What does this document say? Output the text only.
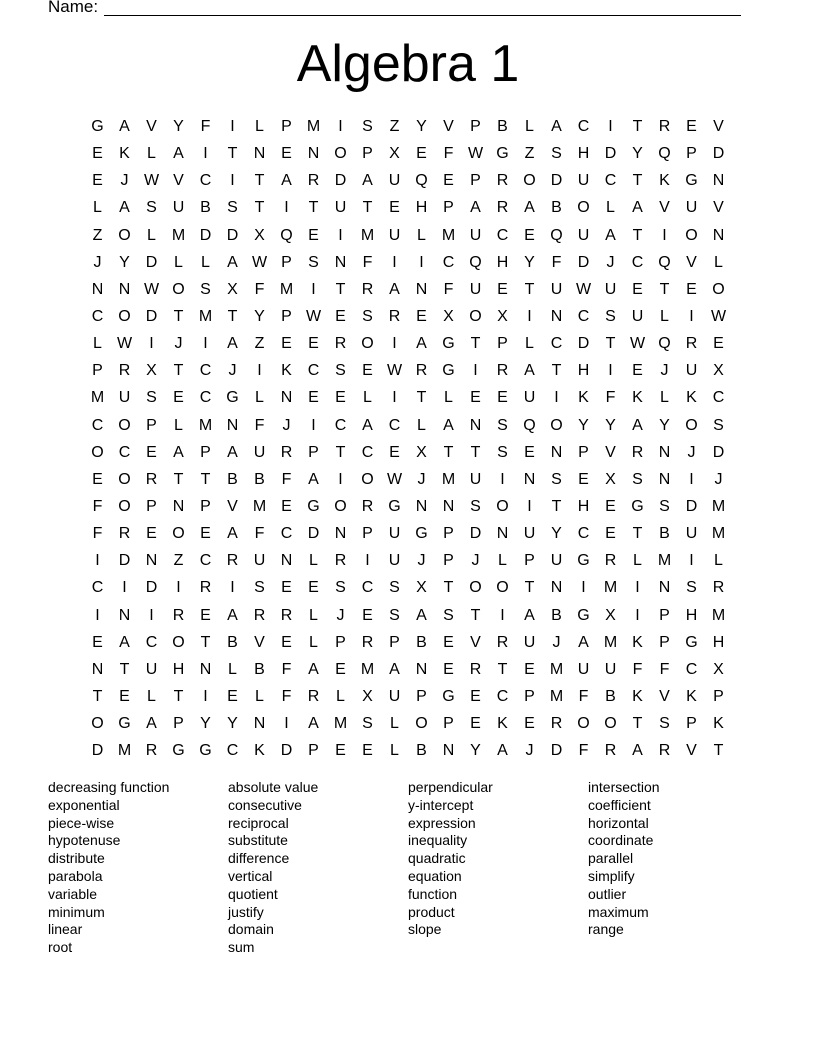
Name:
Algebra 1
G A	V	Y	F	I	L	P M	I	S	Z	Y	V	P	B	L	A C	I	T	R E	V
E	K	L	A	I	T	N E N O P	X	E	F W G Z	S H D Y Q P D
E	J W V C	I	T	A R D A U Q E	P R O D U C	T	K G N
L	A	S U B	S	T	I	T	U	T	E H P	A R A	B O	L	A	V U V
Z O	L M D D X Q E	I	M U	L M U C E Q U A	T	I	O N
J	Y D	L	L	A W P	S N	F	I	I	C Q H Y	F	D	J	C Q V	L
N N W O S	X	F M	I	T	R A N	F	U E	T	U W U E	T	E O
C O D	T M T	Y	P W E	S R E	X O X	I	N C S U	L	I	W
L W	I	J	I	A	Z	E	E R O	I	A G T	P	L	C D	T W Q R E
P R X	T	C	J	I	K C S	E W R G	I	R A	T	H	I	E	J	U X
M U S	E C G	L	N E	E	L	I	T	L	E	E U	I	K	F	K	L	K C
C O P	L M N	F	J	I	C A C	L	A N S Q O Y	Y	A	Y O S
O C E	A	P	A U R P	T	C E	X	T	T	S	E N P	V R N	J	D
E O R	T	T	B	B	F	A	I	O W J	M U	I	N S	E	X	S N	I	J
F O P N P	V M E G O R G N N S O	I	T	H E G S D M
F	R E O E	A	F	C D N P U G P D N U Y C E	T	B U M
I	D N	Z	C R U N	L	R	I	U	J	P	J	L	P U G R	L M	I	L
C	I	D	I	R	I	S	E	E	S C S	X	T O O T	N	I	M	I	N S R
I	N	I	R E	A R R	L	J	E	S	A	S	T	I	A	B G X	I	P H M
E	A C O T	B	V	E	L	P R P	B	E	V R U	J	A M K	P G H
N	T	U H N	L	B	F	A	E M A N E R	T	E M U U	F	F	C X
T	E	L	T	I	E	L	F	R	L	X U P G E C P M F	B	K	V	K	P
O G A	P	Y	Y N	I	A M S	L	O P	E	K	E R O O T	S	P	K
D M R G G C K D P	E	E	L	B N Y	A	J	D	F	R A R V	T
decreasing function
exponential
piece-wise
hypotenuse
distribute
parabola
variable
minimum
linear
root
absolute value
consecutive
reciprocal
substitute
difference
vertical
quotient
justify
domain
sum
perpendicular
y-intercept
expression
inequality
quadratic
equation
function
product
slope
intersection
coefficient
horizontal
coordinate
parallel
simplify
outlier
maximum
range
